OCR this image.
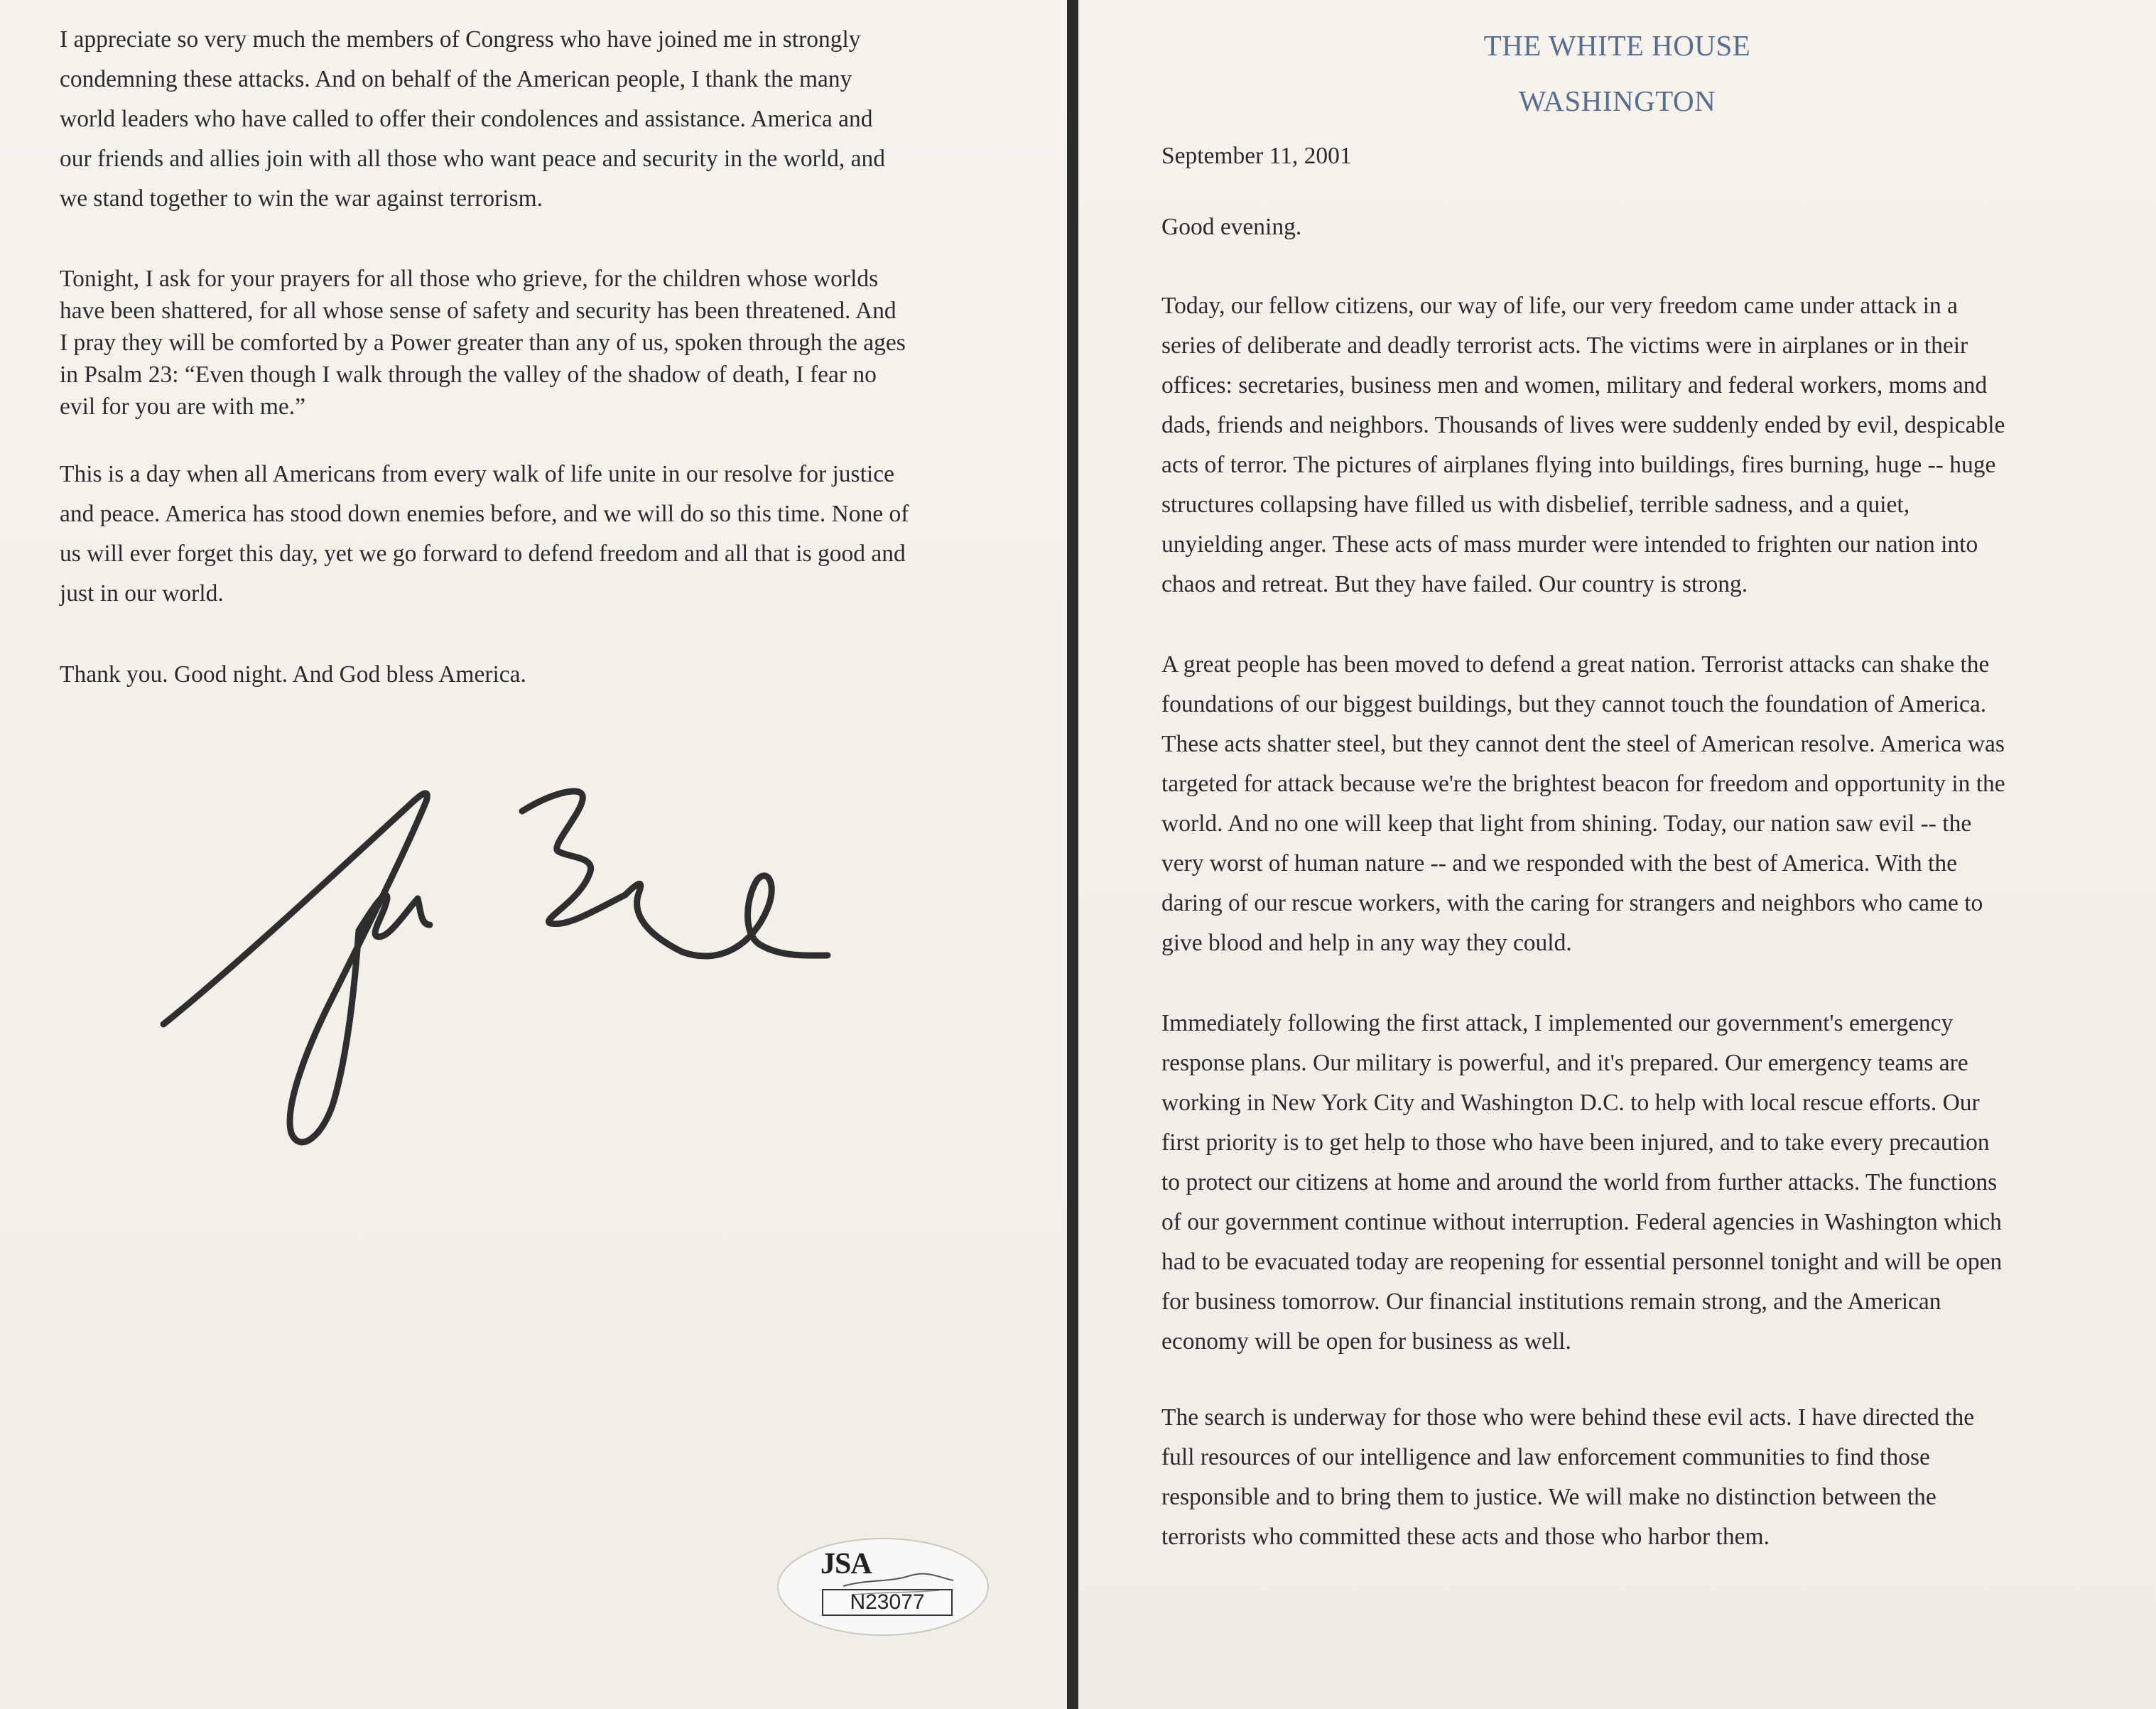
I appreciate so very much the members of Congress who have joined me in strongly
condemning these attacks. And on behalf of the American people, I thank the many
world leaders who have called to offer their condolences and assistance. America and
our friends and allies join with all those who want peace and security in the world, and
we stand together to win the war against terrorism.

Tonight, I ask for your prayers for all those who grieve, for the children whose worlds
have been shattered, for all whose sense of safety and security has been threatened. And
I pray they will be comforted by a Power greater than any of us, spoken through the ages
in Psalm 23: “Even though I walk through the valley of the shadow of death, I fear no
evil for you are with me.”

This is a day when all Americans from every walk of life unite in our resolve for justice
and peace. America has stood down enemies before, and we will do so this time. None of
us will ever forget this day, yet we go forward to defend freedom and all that is good and
just in our world.

Thank you. Good night. And God bless America.

JSA
N23077
THE WHITE HOUSE
WASHINGTON

September 11, 2001

Good evening.

Today, our fellow citizens, our way of life, our very freedom came under attack in a
series of deliberate and deadly terrorist acts. The victims were in airplanes or in their
offices: secretaries, business men and women, military and federal workers, moms and
dads, friends and neighbors. Thousands of lives were suddenly ended by evil, despicable
acts of terror. The pictures of airplanes flying into buildings, fires burning, huge -- huge
structures collapsing have filled us with disbelief, terrible sadness, and a quiet,
unyielding anger. These acts of mass murder were intended to frighten our nation into
chaos and retreat. But they have failed. Our country is strong.

A great people has been moved to defend a great nation. Terrorist attacks can shake the
foundations of our biggest buildings, but they cannot touch the foundation of America.
These acts shatter steel, but they cannot dent the steel of American resolve. America was
targeted for attack because we're the brightest beacon for freedom and opportunity in the
world. And no one will keep that light from shining. Today, our nation saw evil -- the
very worst of human nature -- and we responded with the best of America. With the
daring of our rescue workers, with the caring for strangers and neighbors who came to
give blood and help in any way they could.

Immediately following the first attack, I implemented our government's emergency
response plans. Our military is powerful, and it's prepared. Our emergency teams are
working in New York City and Washington D.C. to help with local rescue efforts. Our
first priority is to get help to those who have been injured, and to take every precaution
to protect our citizens at home and around the world from further attacks. The functions
of our government continue without interruption. Federal agencies in Washington which
had to be evacuated today are reopening for essential personnel tonight and will be open
for business tomorrow. Our financial institutions remain strong, and the American
economy will be open for business as well.

The search is underway for those who were behind these evil acts. I have directed the
full resources of our intelligence and law enforcement communities to find those
responsible and to bring them to justice. We will make no distinction between the
terrorists who committed these acts and those who harbor them.
